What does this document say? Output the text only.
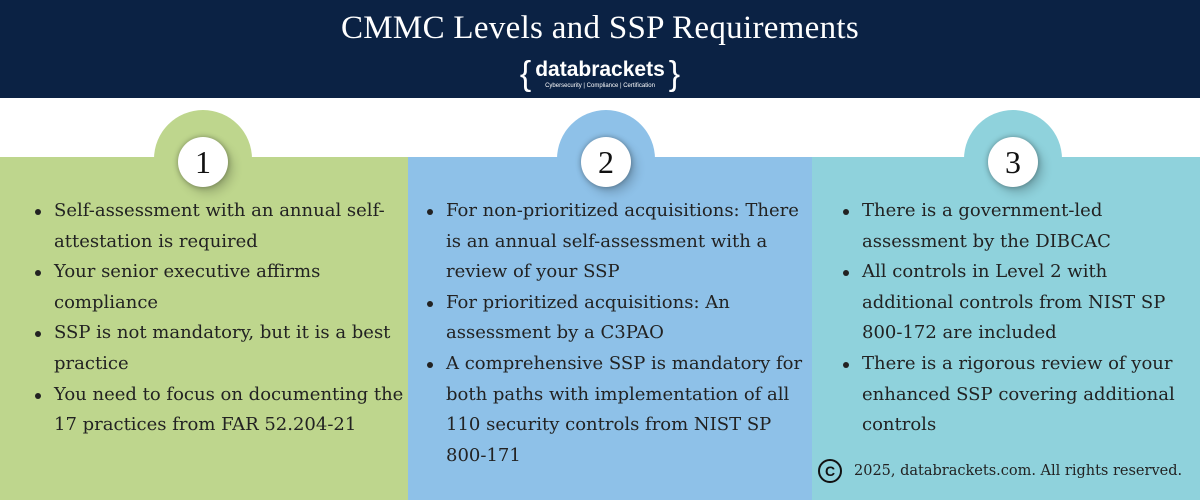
CMMC Levels and SSP Requirements
{ databrackets
Cybersecurity | Compliance | Certification }
1	2	3
Self-assessment with an annual self-attestation is required
Your senior executive affirms compliance
SSP is not mandatory, but it is a best practice
You need to focus on documenting the 17 practices from FAR 52.204-21
For non-prioritized acquisitions: There is an annual self-assessment with a review of your SSP
For prioritized acquisitions: An assessment by a C3PAO
A comprehensive SSP is mandatory for both paths with implementation of all 110 security controls from NIST SP 800-171
There is a government-led assessment by the DIBCAC
All controls in Level 2 with additional controls from NIST SP 800-172 are included
There is a rigorous review of your enhanced SSP covering additional controls
C	2025, databrackets.com. All rights reserved.
